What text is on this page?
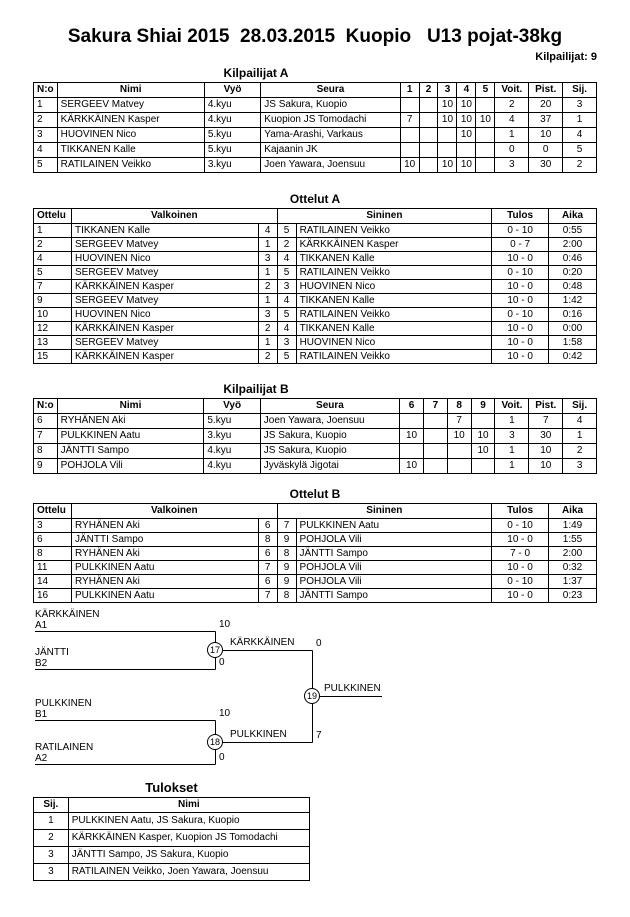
Sakura Shiai 2015  28.03.2015  Kuopio   U13 pojat-38kg
Kilpailijat: 9
Kilpailijat A
N:o	Nimi	Vyö	Seura	1	2	3	4	5	Voit.	Pist.	Sij.
1	SERGEEV Matvey	4.kyu	JS Sakura, Kuopio			10	10		2	20	3
2	KÄRKKÄINEN Kasper	4.kyu	Kuopion JS Tomodachi	7		10	10	10	4	37	1
3	HUOVINEN Nico	5.kyu	Yama-Arashi, Varkaus				10		1	10	4
4	TIKKANEN Kalle	5.kyu	Kajaanin JK						0	0	5
5	RATILAINEN Veikko	3.kyu	Joen Yawara, Joensuu	10		10	10		3	30	2
Ottelut A
Ottelu	Valkoinen		Sininen		Tulos	Aika
1	TIKKANEN Kalle	4	5	RATILAINEN Veikko	0 - 10	0:55
2	SERGEEV Matvey	1	2	KÄRKKÄINEN Kasper	0 - 7	2:00
4	HUOVINEN Nico	3	4	TIKKANEN Kalle	10 - 0	0:46
5	SERGEEV Matvey	1	5	RATILAINEN Veikko	0 - 10	0:20
7	KÄRKKÄINEN Kasper	2	3	HUOVINEN Nico	10 - 0	0:48
9	SERGEEV Matvey	1	4	TIKKANEN Kalle	10 - 0	1:42
10	HUOVINEN Nico	3	5	RATILAINEN Veikko	0 - 10	0:16
12	KÄRKKÄINEN Kasper	2	4	TIKKANEN Kalle	10 - 0	0:00
13	SERGEEV Matvey	1	3	HUOVINEN Nico	10 - 0	1:58
15	KÄRKKÄINEN Kasper	2	5	RATILAINEN Veikko	10 - 0	0:42
Kilpailijat B
N:o	Nimi	Vyö	Seura	6	7	8	9	Voit.	Pist.	Sij.
6	RYHÄNEN Aki	5.kyu	Joen Yawara, Joensuu			7		1	7	4
7	PULKKINEN Aatu	3.kyu	JS Sakura, Kuopio	10		10	10	3	30	1
8	JÄNTTI Sampo	4.kyu	JS Sakura, Kuopio				10	1	10	2
9	POHJOLA Vili	4.kyu	Jyväskylä Jigotai	10				1	10	3
Ottelut B
Ottelu	Valkoinen		Sininen		Tulos	Aika
3	RYHÄNEN Aki	6	7	PULKKINEN Aatu	0 - 10	1:49
6	JÄNTTI Sampo	8	9	POHJOLA Vili	10 - 0	1:55
8	RYHÄNEN Aki	6	8	JÄNTTI Sampo	7 - 0	2:00
11	PULKKINEN Aatu	7	9	POHJOLA Vili	10 - 0	0:32
14	RYHÄNEN Aki	6	9	POHJOLA Vili	0 - 10	1:37
16	PULKKINEN Aatu	7	8	JÄNTTI Sampo	10 - 0	0:23
KÄRKKÄINEN
A1	10
JÄNTTI
B2	0
17
KÄRKKÄINEN 0
PULKKINEN
B1	10
RATILAINEN
A2	0
18
PULKKINEN	7
19
PULKKINEN
Tulokset
Sij.	Nimi
1	PULKKINEN Aatu, JS Sakura, Kuopio
2	KÄRKKÄINEN Kasper, Kuopion JS Tomodachi
3	JÄNTTI Sampo, JS Sakura, Kuopio
3	RATILAINEN Veikko, Joen Yawara, Joensuu
